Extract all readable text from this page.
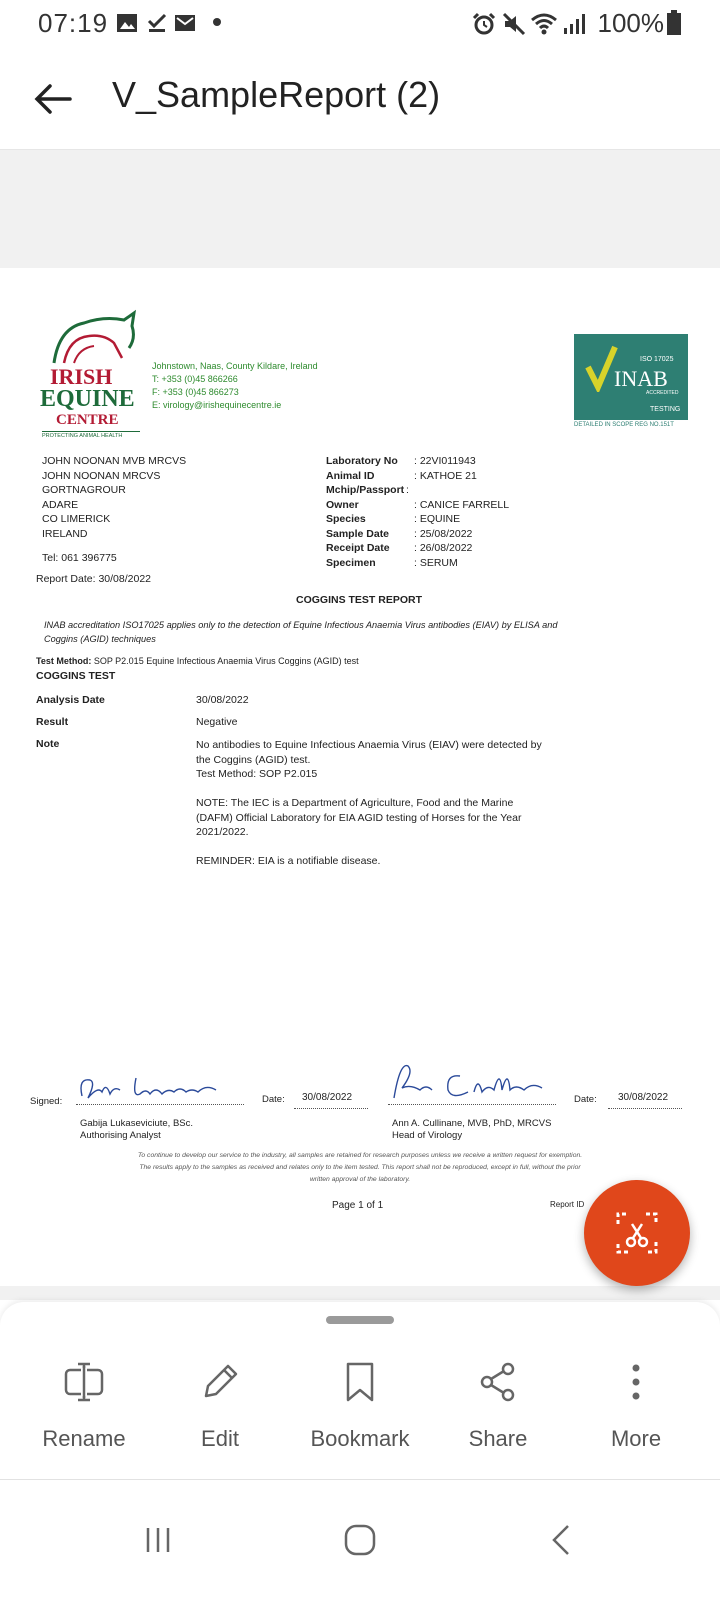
07:19	100%
V_SampleReport (2)
IRISH
EQUINE
CENTRE
PROTECTING ANIMAL HEALTH
Johnstown, Naas, County Kildare, Ireland
T: +353 (0)45 866266
F: +353 (0)45 866273
E: virology@irishequinecentre.ie
ISO 17025
INAB
ACCREDITED
TESTING
DETAILED IN SCOPE REG NO.151T
JOHN NOONAN MVB MRCVS
JOHN NOONAN MRCVS
GORTNAGROUR
ADARE
CO LIMERICK
IRELAND
Tel: 061 396775
Report Date: 30/08/2022
Laboratory No : 22VI011943
Animal ID	: KATHOE 21
Mchip/Passport :
Owner	: CANICE FARRELL
Species	: EQUINE
Sample Date : 25/08/2022
Receipt Date : 26/08/2022
Specimen	: SERUM
COGGINS TEST REPORT
INAB accreditation ISO17025 applies only to the detection of Equine Infectious Anaemia Virus antibodies (EIAV) by ELISA and
Coggins (AGID) techniques
Test Method: SOP P2.015 Equine Infectious Anaemia Virus Coggins (AGID) test
COGGINS TEST
Analysis Date	30/08/2022
Result	Negative
Note	No antibodies to Equine Infectious Anaemia Virus (EIAV) were detected by
the Coggins (AGID) test.
Test Method: SOP P2.015
NOTE: The IEC is a Department of Agriculture, Food and the Marine
(DAFM) Official Laboratory for EIA AGID testing of Horses for the Year
2021/2022.
REMINDER: EIA is a notifiable disease.
Signed:	Date: 30/08/2022
Gabija Lukaseviciute, BSc.
Authorising Analyst
Date: 30/08/2022
Ann A. Cullinane, MVB, PhD, MRCVS
Head of Virology
To continue to develop our service to the industry, all samples are retained for research purposes unless we receive a written request for exemption.
The results apply to the samples as received and relates only to the item tested. This report shall not be reproduced, except in full, without the prior
written approval of the laboratory.
Page 1 of 1	Report ID
Rename	Edit	Bookmark	Share	More
